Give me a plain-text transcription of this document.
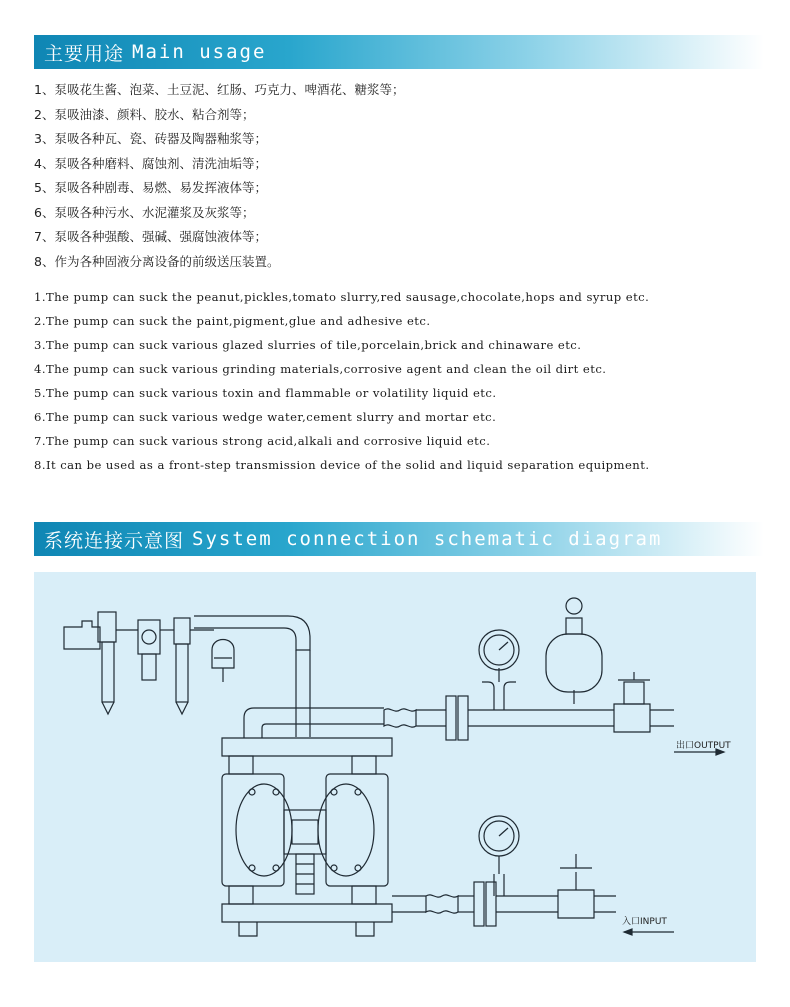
主要用途 Main usage
1、泵吸花生酱、泡菜、土豆泥、红肠、巧克力、啤酒花、糖浆等；
2、泵吸油漆、颜料、胶水、粘合剂等；
3、泵吸各种瓦、瓷、砖器及陶器釉浆等；
4、泵吸各种磨料、腐蚀剂、清洗油垢等；
5、泵吸各种剧毒、易燃、易发挥液体等；
6、泵吸各种污水、水泥灌浆及灰浆等；
7、泵吸各种强酸、强碱、强腐蚀液体等；
8、作为各种固液分离设备的前级送压装置。
1.The pump can suck the peanut,pickles,tomato slurry,red sausage,chocolate,hops and syrup etc.
2.The pump can suck the paint,pigment,glue and adhesive etc.
3.The pump can suck various glazed slurries of tile,porcelain,brick and chinaware etc.
4.The pump can suck various grinding materials,corrosive agent and clean the oil dirt etc.
5.The pump can suck various toxin and flammable or volatility liquid etc.
6.The pump can suck various wedge water,cement slurry and mortar etc.
7.The pump can suck various strong acid,alkali and corrosive liquid etc.
8.It can be used as a front-step transmission device of the solid and liquid separation equipment.
系统连接示意图 System connection schematic diagram
出口OUTPUT
入口INPUT
